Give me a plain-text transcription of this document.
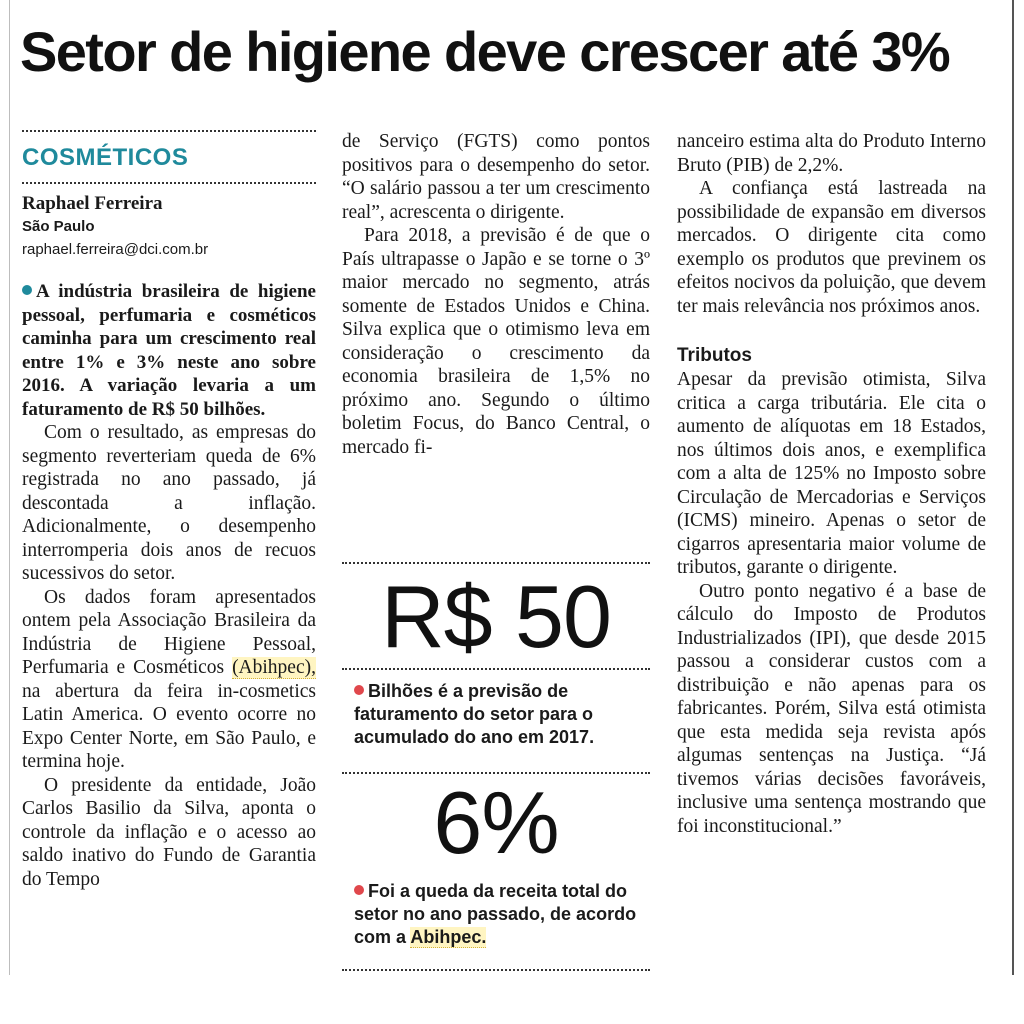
Setor de higiene deve crescer até 3%
COSMÉTICOS
Raphael Ferreira
São Paulo
raphael.ferreira@dci.com.br

A indústria brasileira de higiene pessoal, perfumaria e cosméticos caminha para um crescimento real entre 1% e 3% neste ano sobre 2016. A variação levaria a um faturamento de R$ 50 bilhões.

Com o resultado, as empresas do segmento reverteriam queda de 6% registrada no ano passado, já descontada a inflação. Adicionalmente, o desempenho interromperia dois anos de recuos sucessivos do setor.

Os dados foram apresentados ontem pela Associação Brasileira da Indústria de Higiene Pessoal, Perfumaria e Cosméticos (Abihpec), na abertura da feira in-cosmetics Latin America. O evento ocorre no Expo Center Norte, em São Paulo, e termina hoje.

O presidente da entidade, João Carlos Basilio da Silva, aponta o controle da inflação e o acesso ao saldo inativo do Fundo de Garantia do Tempo

de Serviço (FGTS) como pontos positivos para o desempenho do setor. “O salário passou a ter um crescimento real”, acrescenta o dirigente.

Para 2018, a previsão é de que o País ultrapasse o Japão e se torne o 3º maior mercado no segmento, atrás somente de Estados Unidos e China. Silva explica que o otimismo leva em consideração o crescimento da economia brasileira de 1,5% no próximo ano. Segundo o último boletim Focus, do Banco Central, o mercado fi-

R$ 50
Bilhões é a previsão de faturamento do setor para o acumulado do ano em 2017.
6%
Foi a queda da receita total do setor no ano passado, de acordo com a Abihpec.

nanceiro estima alta do Produto Interno Bruto (PIB) de 2,2%.

A confiança está lastreada na possibilidade de expansão em diversos mercados. O dirigente cita como exemplo os produtos que previnem os efeitos nocivos da poluição, que devem ter mais relevância nos próximos anos.

Tributos

Apesar da previsão otimista, Silva critica a carga tributária. Ele cita o aumento de alíquotas em 18 Estados, nos últimos dois anos, e exemplifica com a alta de 125% no Imposto sobre Circulação de Mercadorias e Serviços (ICMS) mineiro. Apenas o setor de cigarros apresentaria maior volume de tributos, garante o dirigente.

Outro ponto negativo é a base de cálculo do Imposto de Produtos Industrializados (IPI), que desde 2015 passou a considerar custos com a distribuição e não apenas para os fabricantes. Porém, Silva está otimista que esta medida seja revista após algumas sentenças na Justiça. “Já tivemos várias decisões favoráveis, inclusive uma sentença mostrando que foi inconstitucional.”
